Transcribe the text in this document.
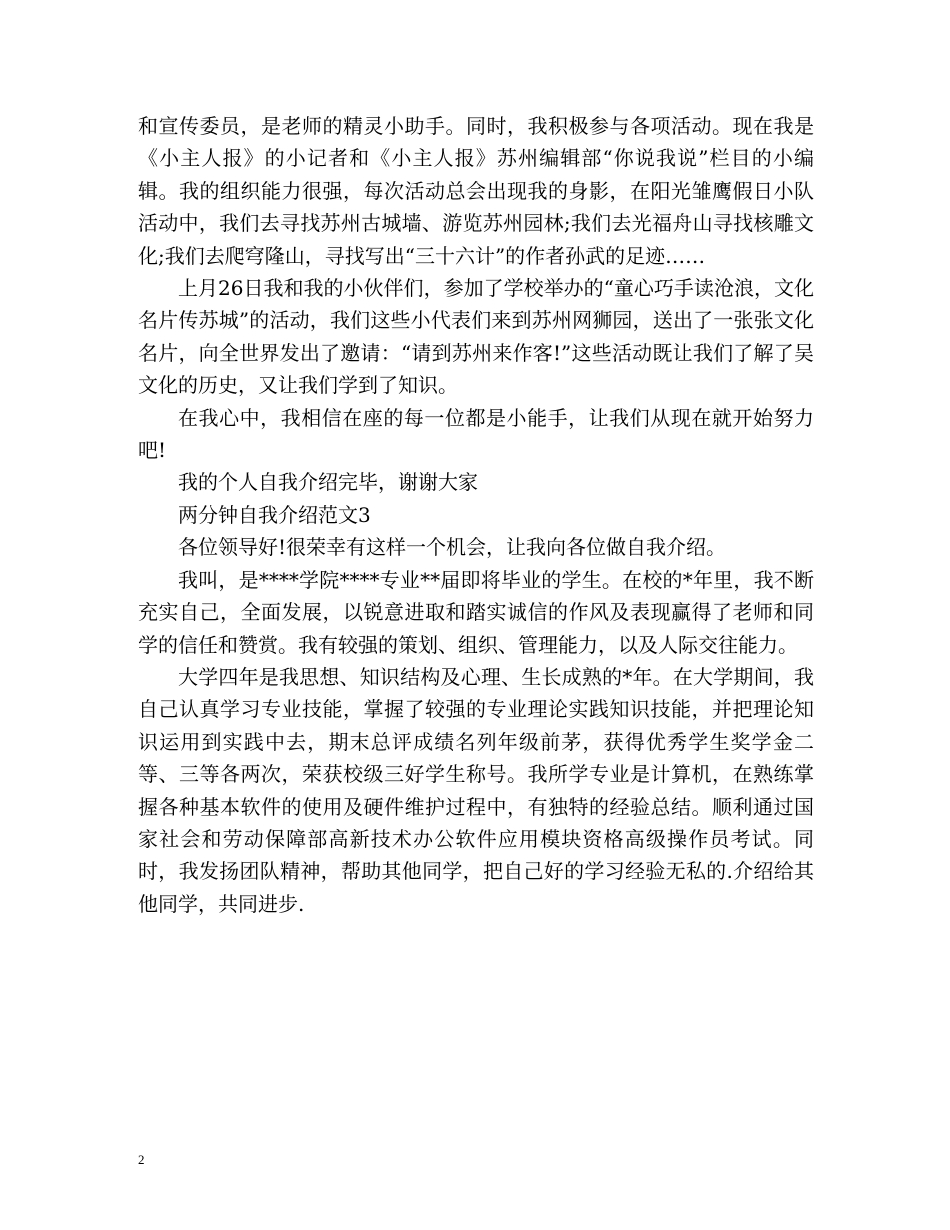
和宣传委员，是老师的精灵小助手。同时，我积极参与各项活动。现在我是《小主人报》的小记者和《小主人报》苏州编辑部“你说我说”栏目的小编辑。我的组织能力很强，每次活动总会出现我的身影，在阳光雏鹰假日小队活动中，我们去寻找苏州古城墙、游览苏州园林;我们去光福舟山寻找核雕文化;我们去爬穹隆山，寻找写出“三十六计”的作者孙武的足迹……

上月26日我和我的小伙伴们，参加了学校举办的“童心巧手读沧浪，文化名片传苏城”的活动，我们这些小代表们来到苏州网狮园，送出了一张张文化名片，向全世界发出了邀请：“请到苏州来作客!”这些活动既让我们了解了吴文化的历史，又让我们学到了知识。

在我心中，我相信在座的每一位都是小能手，让我们从现在就开始努力吧!

我的个人自我介绍完毕，谢谢大家

两分钟自我介绍范文3

各位领导好!很荣幸有这样一个机会，让我向各位做自我介绍。

我叫，是****学院****专业**届即将毕业的学生。在校的*年里，我不断充实自己，全面发展，以锐意进取和踏实诚信的作风及表现赢得了老师和同学的信任和赞赏。我有较强的策划、组织、管理能力，以及人际交往能力。

大学四年是我思想、知识结构及心理、生长成熟的*年。在大学期间，我自己认真学习专业技能，掌握了较强的专业理论实践知识技能，并把理论知识运用到实践中去，期末总评成绩名列年级前茅，获得优秀学生奖学金二等、三等各两次，荣获校级三好学生称号。我所学专业是计算机，在熟练掌握各种基本软件的使用及硬件维护过程中，有独特的经验总结。顺利通过国家社会和劳动保障部高新技术办公软件应用模块资格高级操作员考试。同时，我发扬团队精神，帮助其他同学，把自己好的学习经验无私的.介绍给其他同学，共同进步.

2
